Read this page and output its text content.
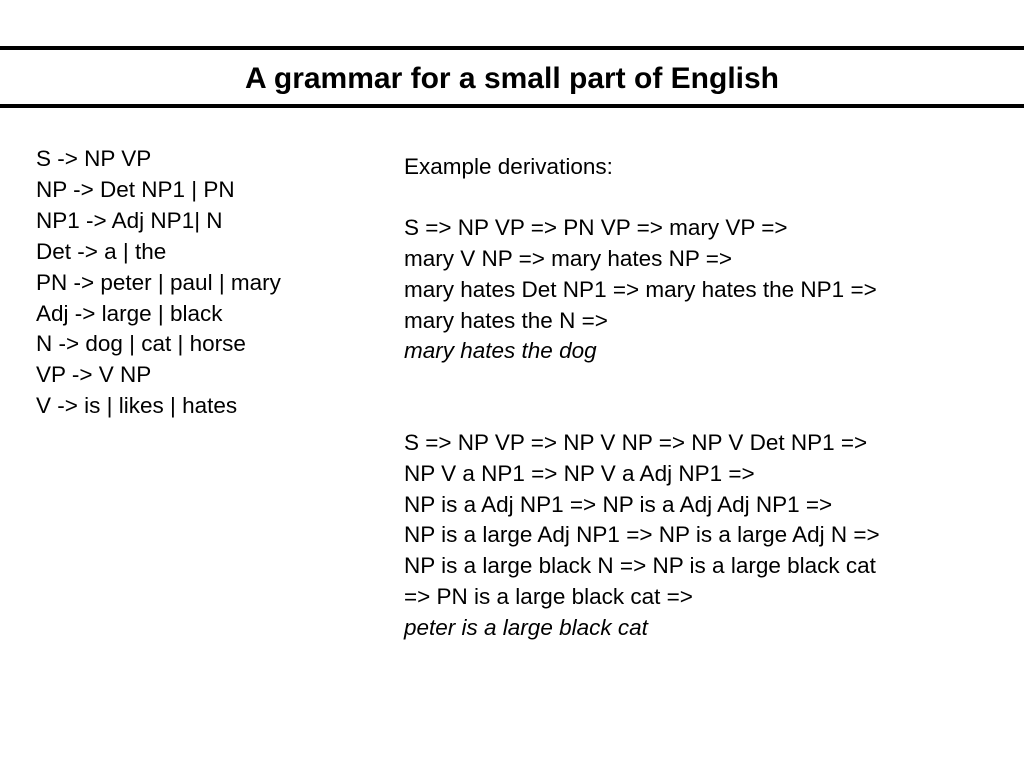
A grammar for a small part of English
S -> NP VP
NP -> Det NP1 | PN
NP1 -> Adj NP1| N
Det -> a | the
PN -> peter | paul | mary
Adj -> large | black
N -> dog | cat | horse
VP -> V NP
V -> is | likes | hates
Example derivations:
S => NP VP => PN VP => mary VP =>
mary V NP => mary hates NP =>
mary hates Det NP1 => mary hates the NP1 =>
mary hates the N =>
mary hates the dog
S => NP VP => NP V NP => NP V Det NP1 =>
NP V a NP1 => NP V a Adj NP1 =>
NP is a Adj NP1 => NP is a Adj Adj NP1 =>
NP is a large Adj NP1 => NP is a large Adj N =>
NP is a large black N => NP is a large black cat
=> PN is a large black cat =>
peter is a large black cat
